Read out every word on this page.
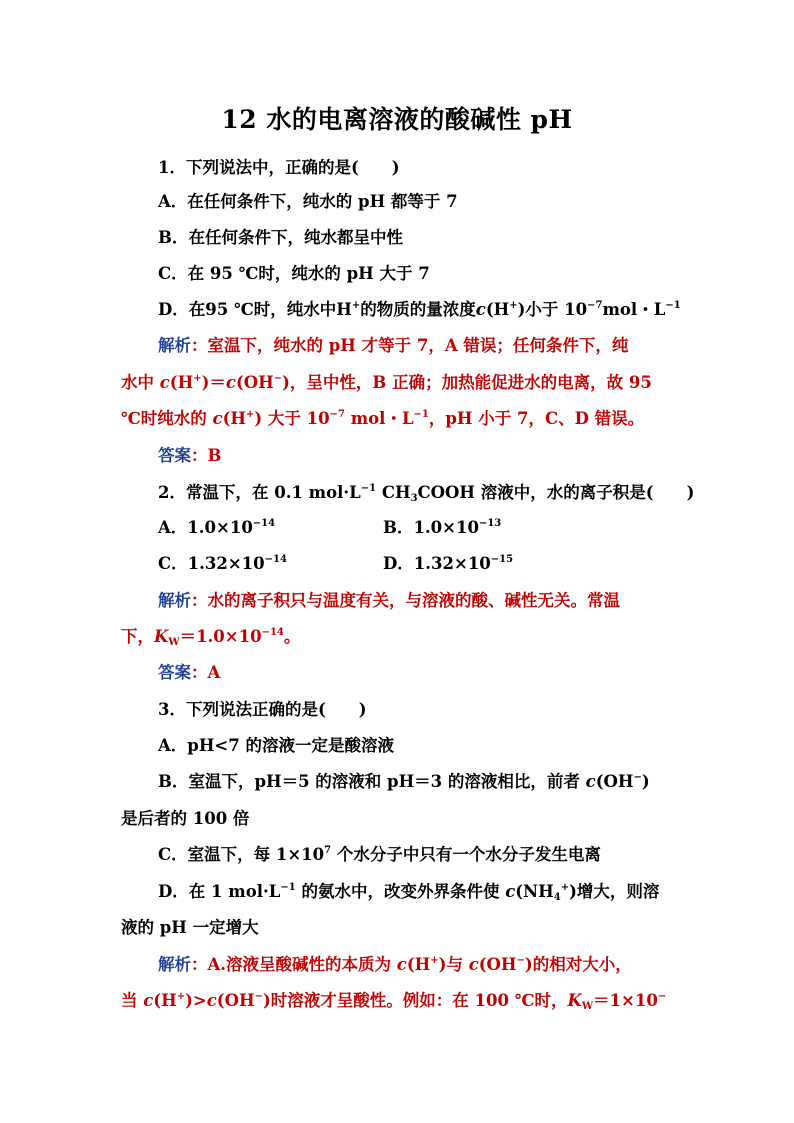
12 水的电离溶液的酸碱性 pH
1．下列说法中，正确的是(　　)
A．在任何条件下，纯水的 pH 都等于 7
B．在任何条件下，纯水都呈中性
C．在 95 ℃时，纯水的 pH 大于 7
D．在95 ℃时，纯水中H+的物质的量浓度c(H+)小于 $10^{-7}mol$・$L^{-1}$
解析：室温下，纯水的 pH 才等于 7，A 错误；任何条件下，纯
水中 c(H+)＝c(OH−)，呈中性，B 正确；加热能促进水的电离，故 95
℃时纯水的 c(H+) 大于 $10^{-7}$ mol・$L^{-1}$，pH 小于 7，C、D 错误。
答案：B
2．常温下，在 0.1 $mol\cdot L^{-1}$ $CH_3COOH$ 溶液中，水的离子积是(　　)
A．$1.0\times 10^{-14}$	B．$1.0\times 10^{-13}$
C．$1.32\times 10^{-14}$	D．$1.32\times 10^{-15}$
解析：水的离子积只与温度有关，与溶液的酸、碱性无关。常温
下，$K_W=1.0\times 10^{-14}$。
答案：A
3．下列说法正确的是(　　)
A．pH<7 的溶液一定是酸溶液
B．室温下，pH＝5 的溶液和 pH＝3 的溶液相比，前者 c(OH−)
是后者的 100 倍
C．室温下，每 $1\times 10^7$ 个水分子中只有一个水分子发生电离
D．在 1 $mol\cdot L^{-1}$ 的氨水中，改变外界条件使 $c(NH_4^+)$增大，则溶
液的 pH 一定增大
解析：A.溶液呈酸碱性的本质为 c(H+)与 c(OH−)的相对大小，
当 c(H+)>c(OH−)时溶液才呈酸性。例如：在 100 ℃时，$K_W=1\times 10^-$
